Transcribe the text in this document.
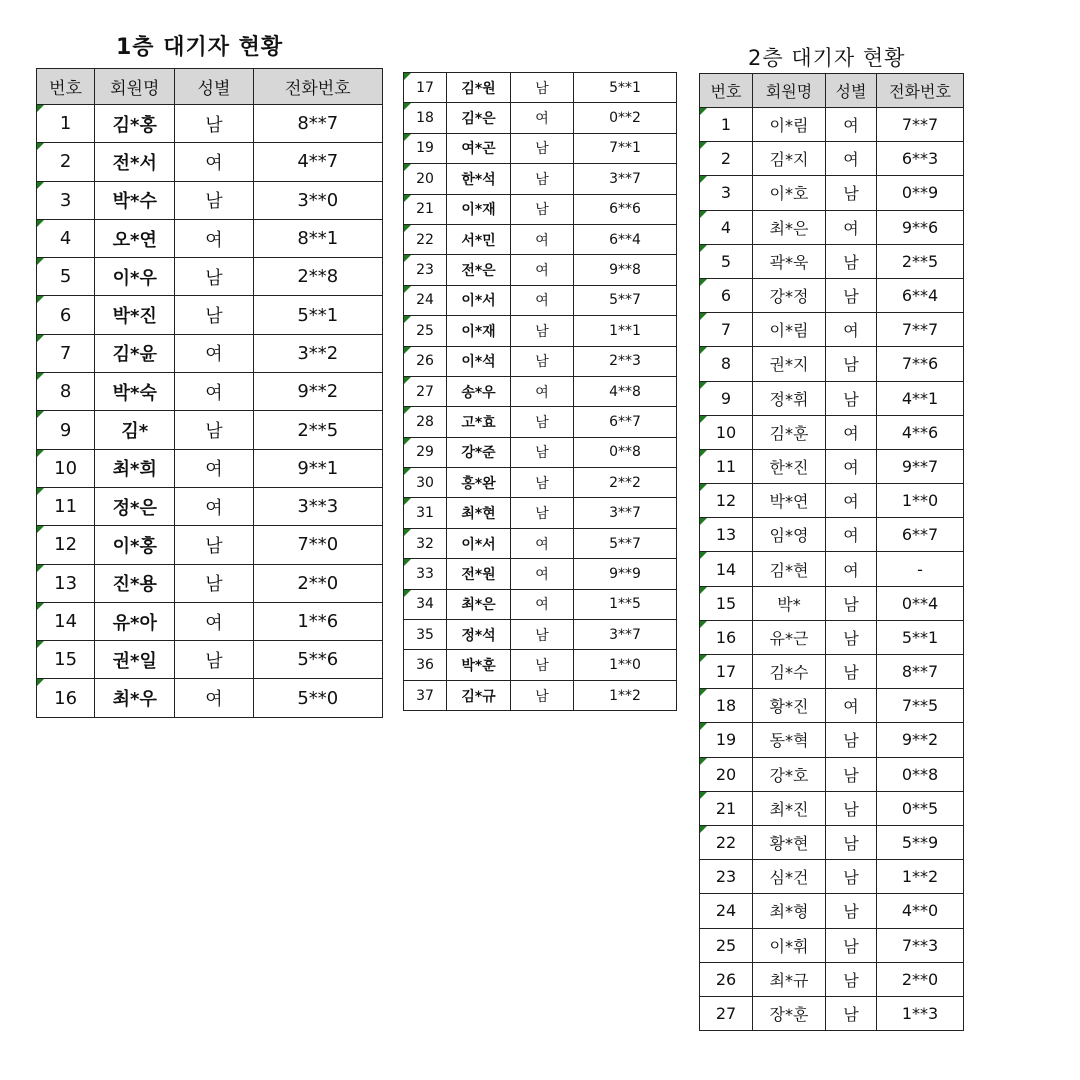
1층 대기자 현황
번호	회원명	성별	전화번호
1	김*홍	남	8**7
2	전*서	여	4**7
3	박*수	남	3**0
4	오*연	여	8**1
5	이*우	남	2**8
6	박*진	남	5**1
7	김*윤	여	3**2
8	박*숙	여	9**2
9	김*	남	2**5
10	최*희	여	9**1
11	정*은	여	3**3
12	이*홍	남	7**0
13	진*용	남	2**0
14	유*아	여	1**6
15	권*일	남	5**6
16	최*우	여	5**0
17	김*원	남	5**1
18	김*은	여	0**2
19	여*곤	남	7**1
20	한*석	남	3**7
21	이*재	남	6**6
22	서*민	여	6**4
23	전*은	여	9**8
24	이*서	여	5**7
25	이*재	남	1**1
26	이*석	남	2**3
27	송*우	여	4**8
28	고*효	남	6**7
29	강*준	남	0**8
30	홍*완	남	2**2
31	최*현	남	3**7
32	이*서	여	5**7
33	전*원	여	9**9
34	최*은	여	1**5
35	정*석	남	3**7
36	박*훈	남	1**0
37	김*규	남	1**2
2층 대기자 현황
번호	회원명	성별	전화번호
1	이*림	여	7**7
2	김*지	여	6**3
3	이*호	남	0**9
4	최*은	여	9**6
5	곽*욱	남	2**5
6	강*정	남	6**4
7	이*림	여	7**7
8	권*지	남	7**6
9	정*휘	남	4**1
10	김*훈	여	4**6
11	한*진	여	9**7
12	박*연	여	1**0
13	임*영	여	6**7
14	김*현	여	-
15	박*	남	0**4
16	유*근	남	5**1
17	김*수	남	8**7
18	황*진	여	7**5
19	동*혁	남	9**2
20	강*호	남	0**8
21	최*진	남	0**5
22	황*현	남	5**9
23	심*건	남	1**2
24	최*형	남	4**0
25	이*휘	남	7**3
26	최*규	남	2**0
27	장*훈	남	1**3
